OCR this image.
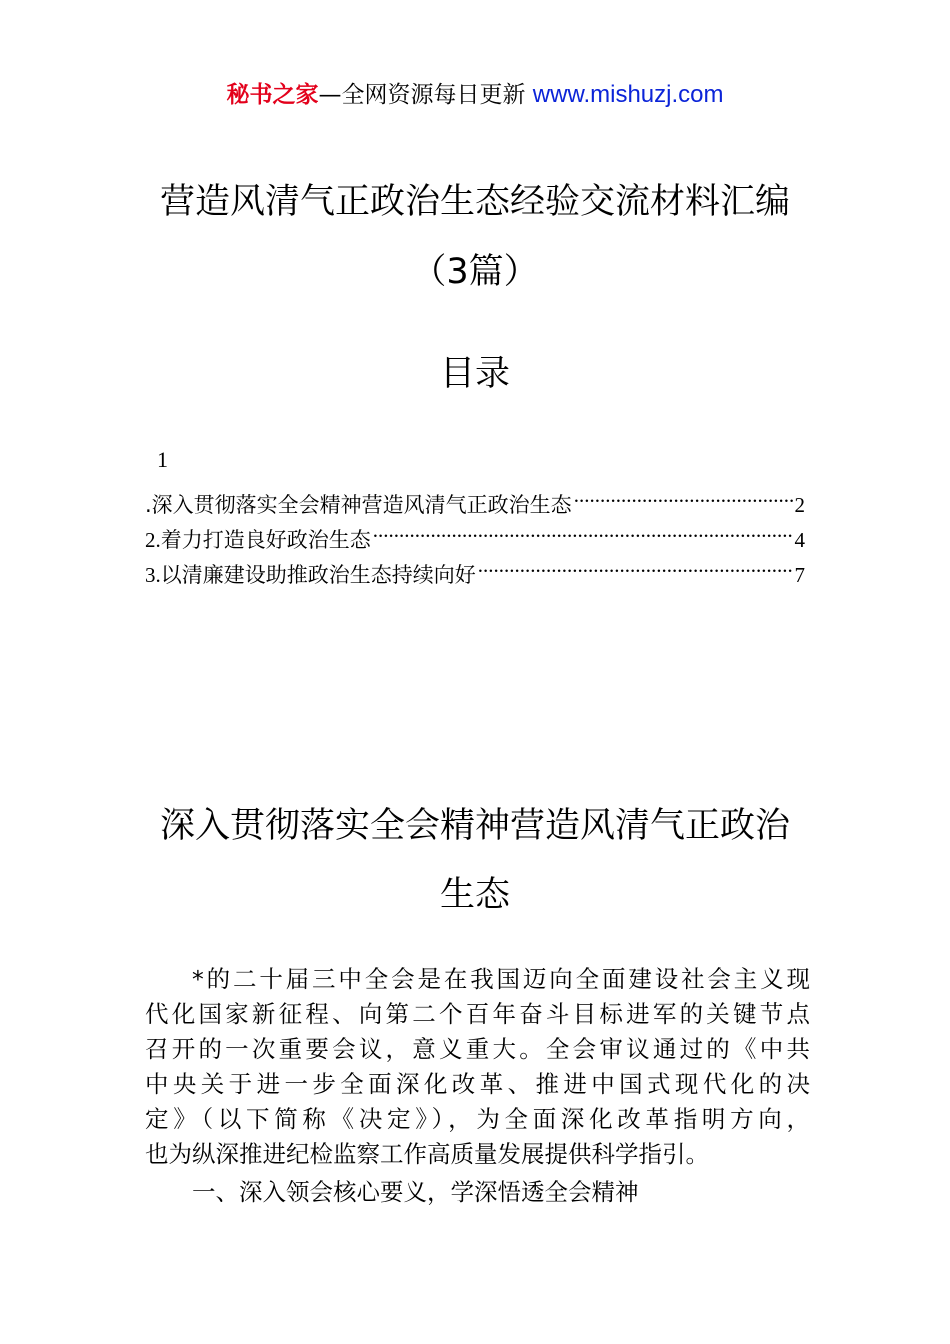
秘书之家—全网资源每日更新 www.mishuzj.com
营造风清气正政治生态经验交流材料汇编
（3篇）
目录
1
.深入贯彻落实全会精神营造风清气正政治生态 .....	2
2. 着力打造良好政治生态 .....	4
3. 以清廉建设助推政治生态持续向好 .....	7
深入贯彻落实全会精神营造风清气正政治
生态
*的二十届三中全会是在我国迈向全面建设社会主义现
代化国家新征程、向第二个百年奋斗目标进军的关键节点
召开的一次重要会议，意义重大。全会审议通过的《中共
中央关于进一步全面深化改革、推进中国式现代化的决
定》（以下简称《决定》），为全面深化改革指明方向，
也为纵深推进纪检监察工作高质量发展提供科学指引。
一、深入领会核心要义，学深悟透全会精神
